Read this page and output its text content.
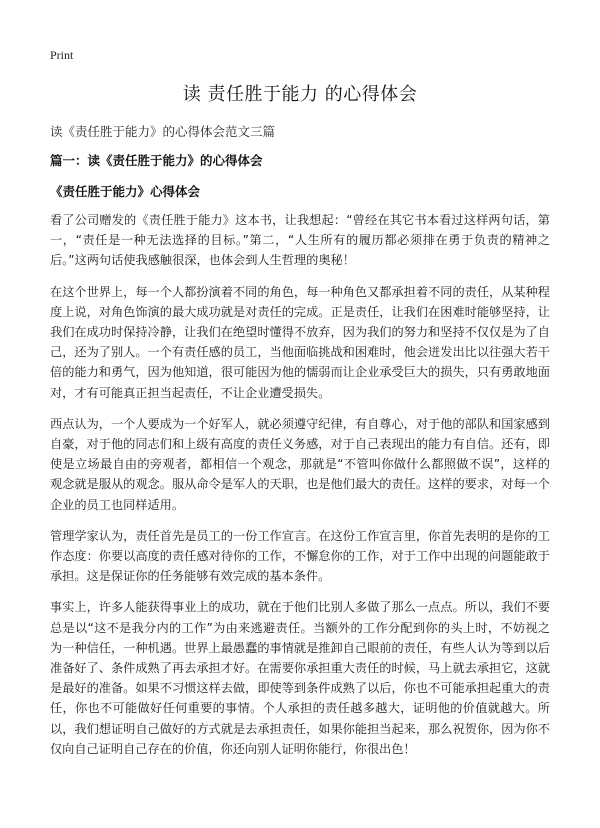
Print
读 责任胜于能力 的心得体会
读《责任胜于能力》的心得体会范文三篇
篇一：读《责任胜于能力》的心得体会
《责任胜于能力》心得体会

看了公司赠发的《责任胜于能力》这本书，让我想起：“曾经在其它书本看过这样两句话，第一，“责任是一种无法选择的目标。”第二，“人生所有的履历都必须排在勇于负责的精神之后。”这两句话使我感触很深，也体会到人生哲理的奥秘！

在这个世界上，每一个人都扮演着不同的角色，每一种角色又都承担着不同的责任，从某种程度上说，对角色饰演的最大成功就是对责任的完成。正是责任，让我们在困难时能够坚持，让我们在成功时保持冷静，让我们在绝望时懂得不放弃，因为我们的努力和坚持不仅仅是为了自己，还为了别人。一个有责任感的员工，当他面临挑战和困难时，他会迸发出比以往强大若干倍的能力和勇气，因为他知道，很可能因为他的懦弱而让企业承受巨大的损失，只有勇敢地面对，才有可能真正担当起责任，不让企业遭受损失。

西点认为，一个人要成为一个好军人，就必须遵守纪律，有自尊心，对于他的部队和国家感到自豪，对于他的同志们和上级有高度的责任义务感，对于自己表现出的能力有自信。还有，即使是立场最自由的旁观者，都相信一个观念，那就是“不管叫你做什么都照做不误”，这样的观念就是服从的观念。服从命令是军人的天职，也是他们最大的责任。这样的要求，对每一个企业的员工也同样适用。

管理学家认为，责任首先是员工的一份工作宣言。在这份工作宣言里，你首先表明的是你的工作态度：你要以高度的责任感对待你的工作，不懈怠你的工作，对于工作中出现的问题能敢于承担。这是保证你的任务能够有效完成的基本条件。

事实上，许多人能获得事业上的成功，就在于他们比别人多做了那么一点点。所以，我们不要总是以“这不是我分内的工作”为由来逃避责任。当额外的工作分配到你的头上时，不妨视之为一种信任，一种机遇。世界上最愚蠢的事情就是推卸自己眼前的责任，有些人认为等到以后准备好了、条件成熟了再去承担才好。在需要你承担重大责任的时候，马上就去承担它，这就是最好的准备。如果不习惯这样去做，即使等到条件成熟了以后，你也不可能承担起重大的责任，你也不可能做好任何重要的事情。个人承担的责任越多越大，证明他的价值就越大。所以，我们想证明自己做好的方式就是去承担责任，如果你能担当起来，那么祝贺你，因为你不仅向自己证明自己存在的价值，你还向别人证明你能行，你很出色！
